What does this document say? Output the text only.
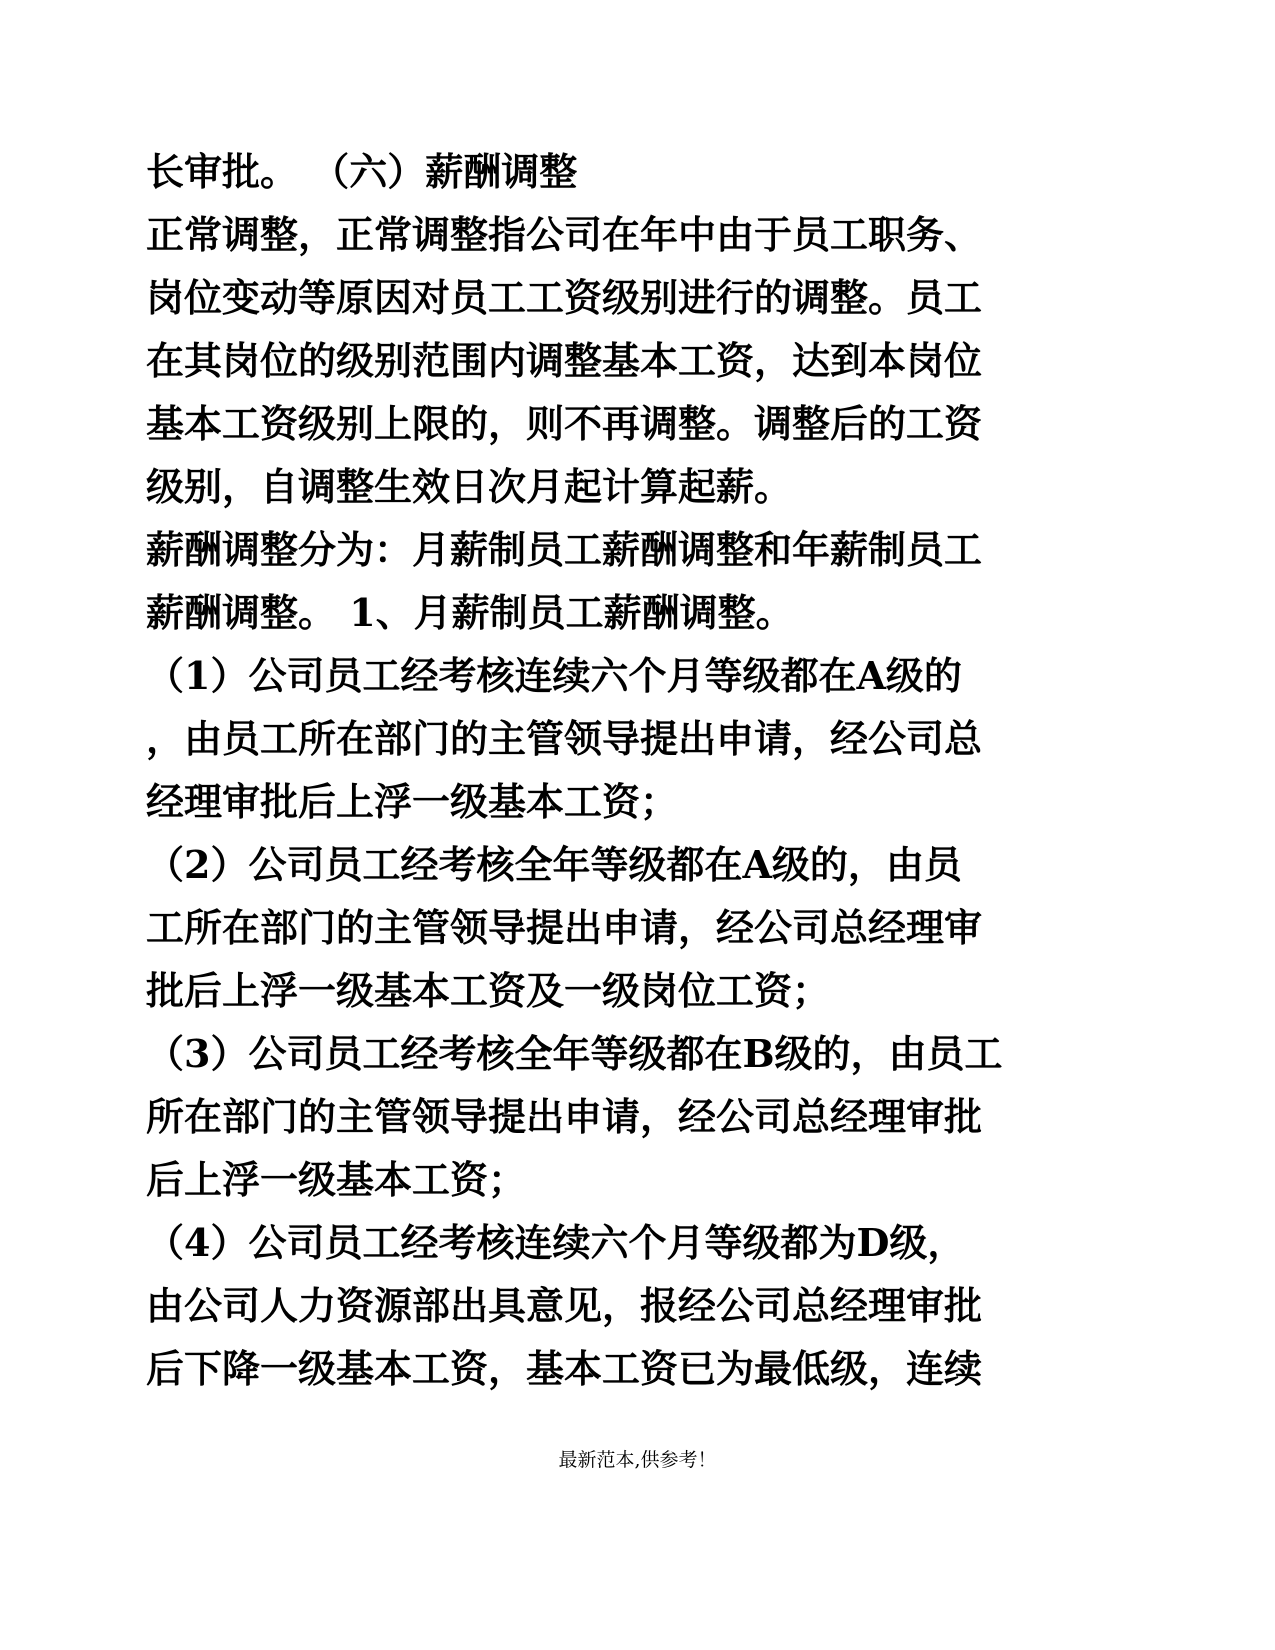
长审批。 （六）薪酬调整
正常调整，正常调整指公司在年中由于员工职务、
岗位变动等原因对员工工资级别进行的调整。员工
在其岗位的级别范围内调整基本工资，达到本岗位
基本工资级别上限的，则不再调整。调整后的工资
级别，自调整生效日次月起计算起薪。
薪酬调整分为：月薪制员工薪酬调整和年薪制员工
薪酬调整。 1、月薪制员工薪酬调整。
（1）公司员工经考核连续六个月等级都在A级的
，由员工所在部门的主管领导提出申请，经公司总
经理审批后上浮一级基本工资；
（2）公司员工经考核全年等级都在A级的，由员
工所在部门的主管领导提出申请，经公司总经理审
批后上浮一级基本工资及一级岗位工资；
（3）公司员工经考核全年等级都在B级的，由员工
所在部门的主管领导提出申请，经公司总经理审批
后上浮一级基本工资；
（4）公司员工经考核连续六个月等级都为D级，
由公司人力资源部出具意见，报经公司总经理审批
后下降一级基本工资，基本工资已为最低级，连续
最新范本,供参考！
